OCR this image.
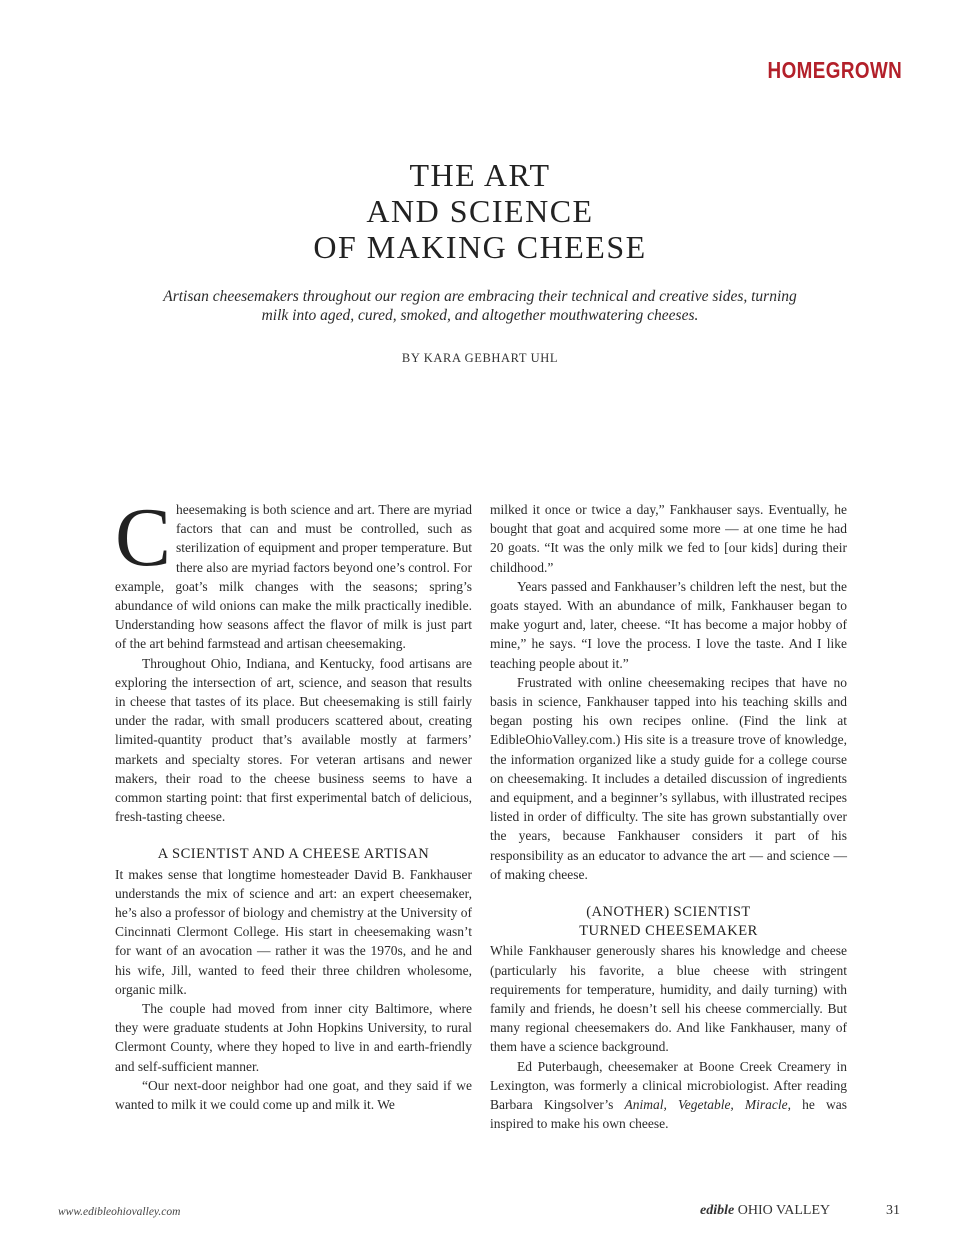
HOMEGROWN
THE ART
AND SCIENCE
OF MAKING CHEESE

Artisan cheesemakers throughout our region are embracing their technical and creative sides, turning milk into aged, cured, smoked, and altogether mouthwatering cheeses.

BY KARA GEBHART UHL

Cheesemaking is both science and art. There are myriad factors that can and must be controlled, such as sterilization of equipment and proper temperature. But there also are myriad factors beyond one’s control. For example, goat’s milk changes with the seasons; spring’s abundance of wild onions can make the milk practically inedible. Understanding how seasons affect the flavor of milk is just part of the art behind farmstead and artisan cheesemaking.

Throughout Ohio, Indiana, and Kentucky, food artisans are exploring the intersection of art, science, and season that results in cheese that tastes of its place. But cheesemaking is still fairly under the radar, with small producers scattered about, creating limited-quantity product that’s available mostly at farmers’ markets and specialty stores. For veteran artisans and newer makers, their road to the cheese business seems to have a common starting point: that first experimental batch of delicious, fresh-tasting cheese.

A SCIENTIST AND A CHEESE ARTISAN

It makes sense that longtime homesteader David B. Fankhauser understands the mix of science and art: an expert cheesemaker, he’s also a professor of biology and chemistry at the University of Cincinnati Clermont College. His start in cheesemaking wasn’t for want of an avocation — rather it was the 1970s, and he and his wife, Jill, wanted to feed their three children wholesome, organic milk.

The couple had moved from inner city Baltimore, where they were graduate students at John Hopkins University, to rural Clermont County, where they hoped to live in and earth-friendly and self-sufficient manner.

“Our next-door neighbor had one goat, and they said if we wanted to milk it we could come up and milk it. We

milked it once or twice a day,” Fankhauser says. Eventually, he bought that goat and acquired some more — at one time he had 20 goats. “It was the only milk we fed to [our kids] during their childhood.”

Years passed and Fankhauser’s children left the nest, but the goats stayed. With an abundance of milk, Fankhauser began to make yogurt and, later, cheese. “It has become a major hobby of mine,” he says. “I love the process. I love the taste. And I like teaching people about it.”

Frustrated with online cheesemaking recipes that have no basis in science, Fankhauser tapped into his teaching skills and began posting his own recipes online. (Find the link at EdibleOhioValley.com.) His site is a treasure trove of knowledge, the information organized like a study guide for a college course on cheesemaking. It includes a detailed discussion of ingredients and equipment, and a beginner’s syllabus, with illustrated recipes listed in order of difficulty. The site has grown substantially over the years, because Fankhauser considers it part of his responsibility as an educator to advance the art — and science — of making cheese.

(ANOTHER) SCIENTIST
TURNED CHEESEMAKER

While Fankhauser generously shares his knowledge and cheese (particularly his favorite, a blue cheese with stringent requirements for temperature, humidity, and daily turning) with family and friends, he doesn’t sell his cheese commercially. But many regional cheesemakers do. And like Fankhauser, many of them have a science background.

Ed Puterbaugh, cheesemaker at Boone Creek Creamery in Lexington, was formerly a clinical microbiologist. After reading Barbara Kingsolver’s Animal, Vegetable, Miracle, he was inspired to make his own cheese.

www.edibleohiovalley.com	edible OHIO VALLEY	31
